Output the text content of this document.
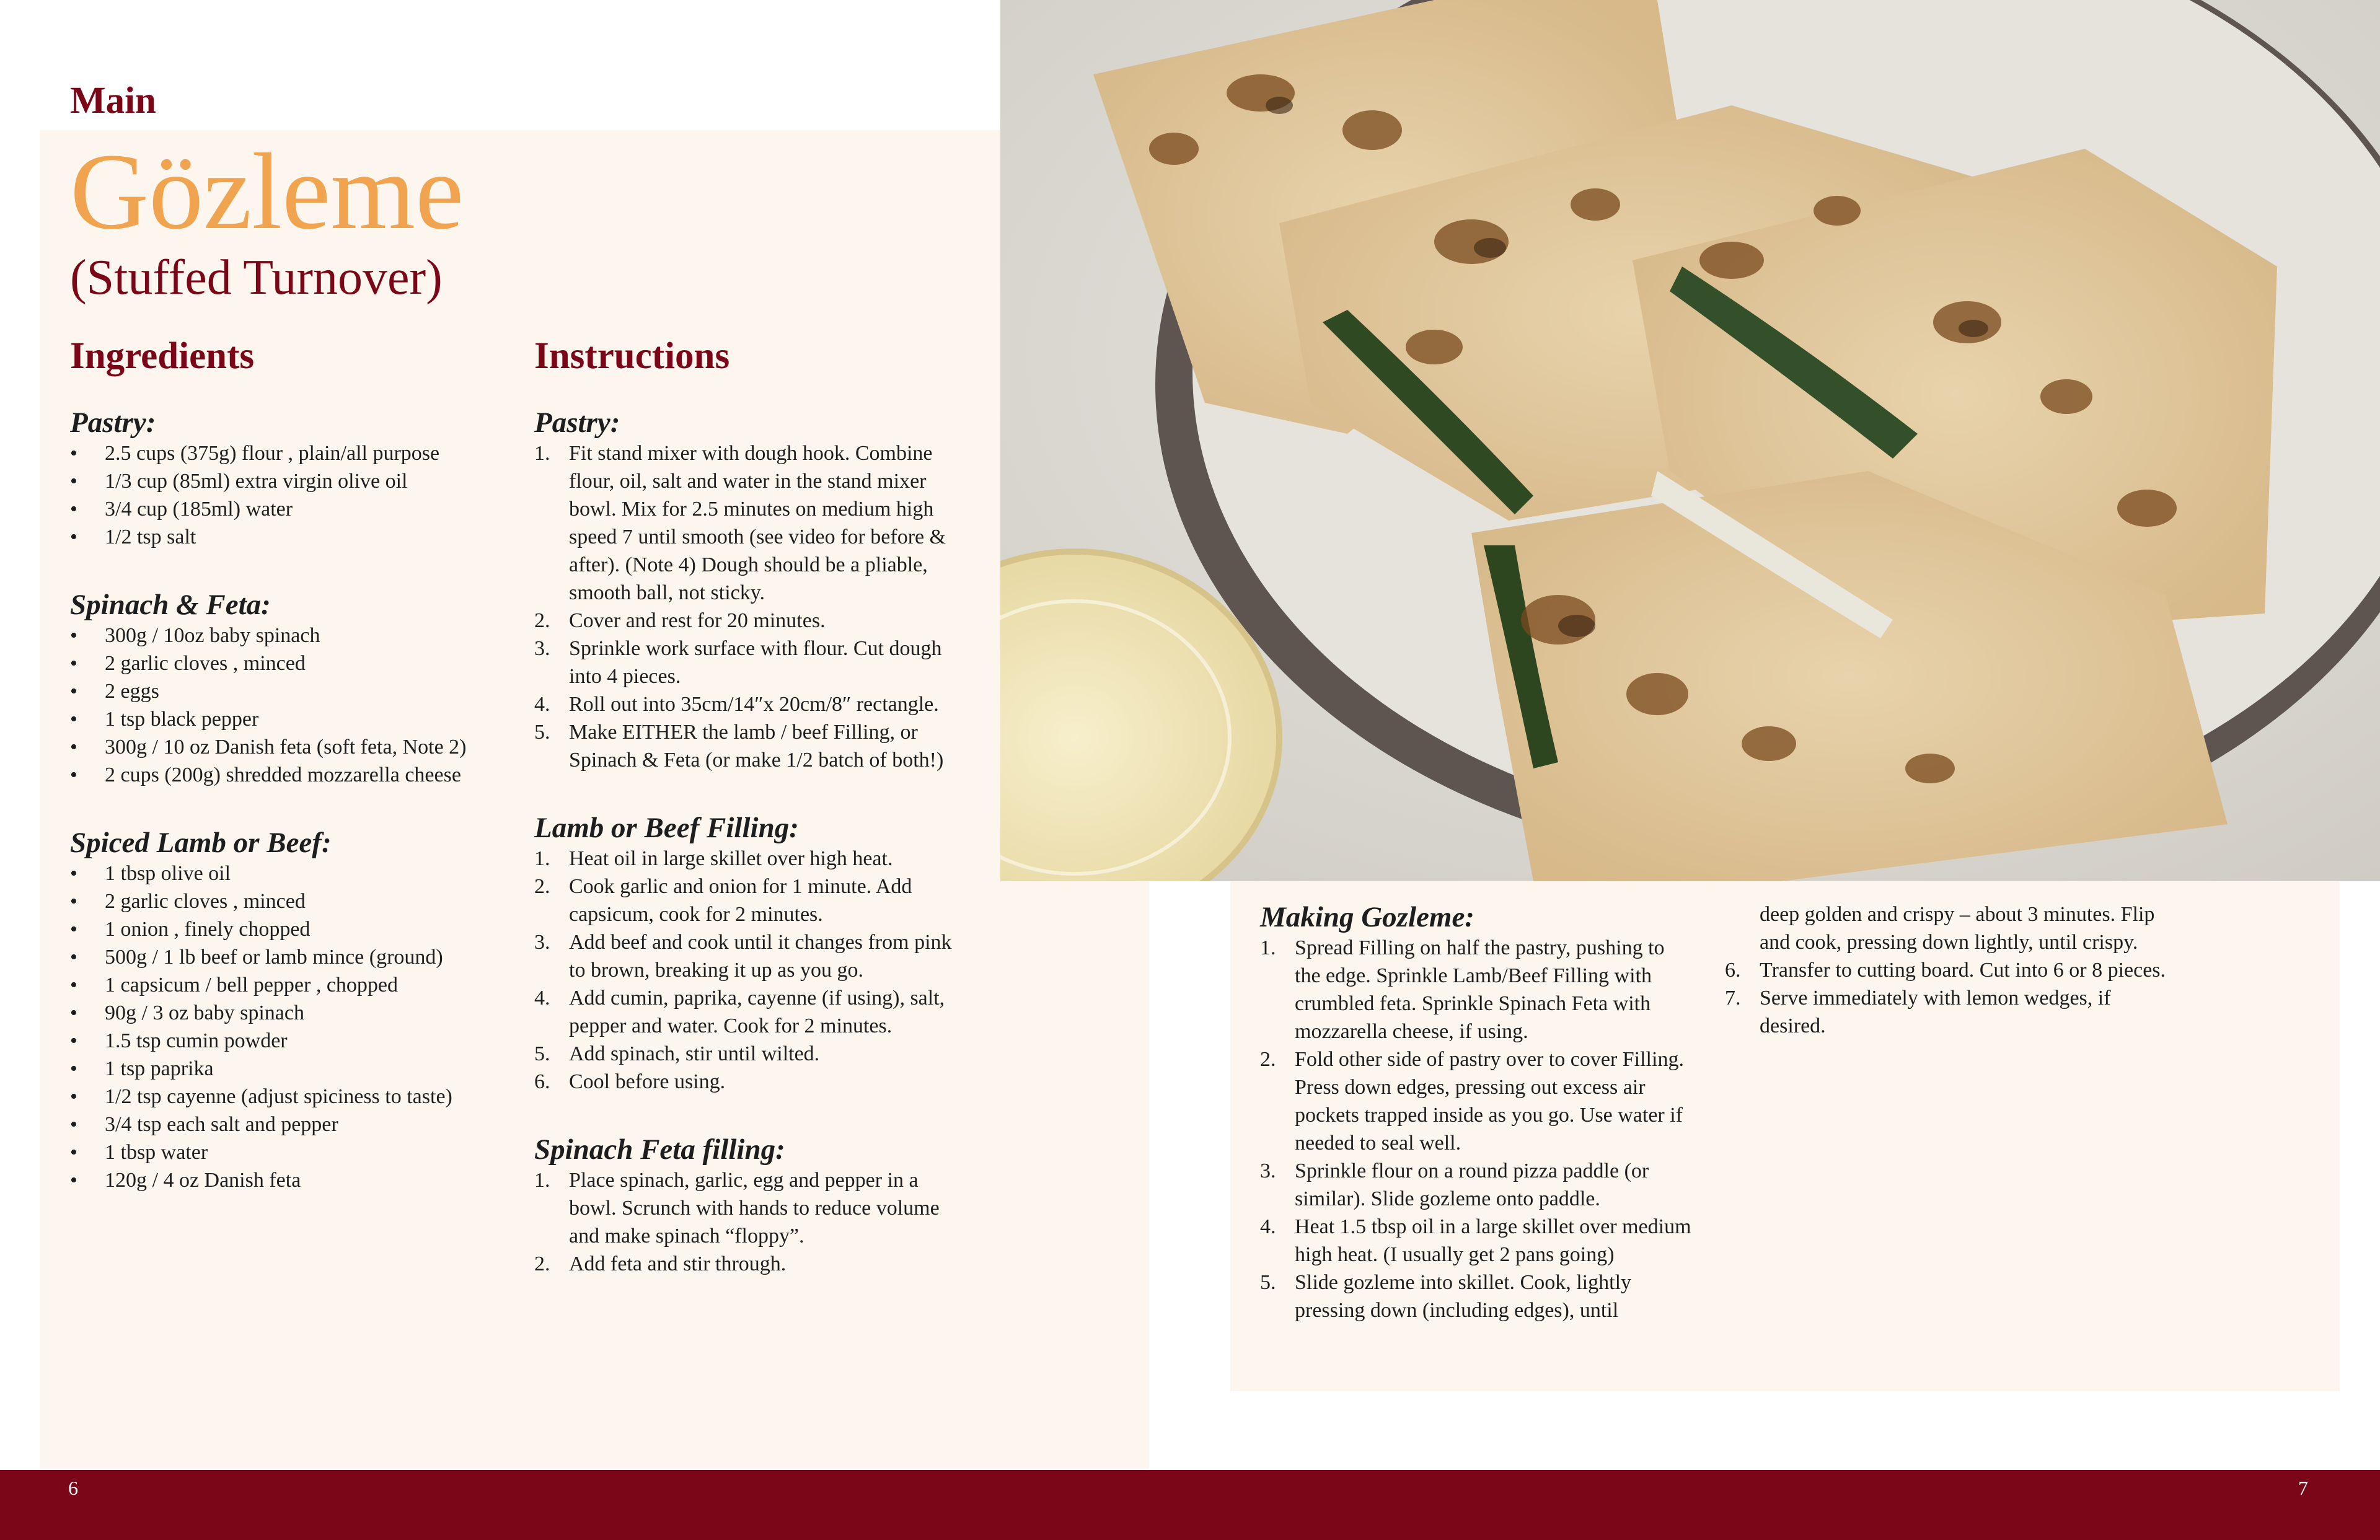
Main
Gözleme
(Stuffed Turnover)
Ingredients	Instructions
Pastry:
• 2.5 cups (375g) flour , plain/all purpose
• 1/3 cup (85ml) extra virgin olive oil
• 3/4 cup (185ml) water
• 1/2 tsp salt
Spinach & Feta:
• 300g / 10oz baby spinach
• 2 garlic cloves , minced
• 2 eggs
• 1 tsp black pepper
• 300g / 10 oz Danish feta (soft feta, Note 2)
• 2 cups (200g) shredded mozzarella cheese
Spiced Lamb or Beef:
• 1 tbsp olive oil
• 2 garlic cloves , minced
• 1 onion , finely chopped
• 500g / 1 lb beef or lamb mince (ground)
• 1 capsicum / bell pepper , chopped
• 90g / 3 oz baby spinach
• 1.5 tsp cumin powder
• 1 tsp paprika
• 1/2 tsp cayenne (adjust spiciness to taste)
• 3/4 tsp each salt and pepper
• 1 tbsp water
• 120g / 4 oz Danish feta
Pastry:
1. Fit stand mixer with dough hook. Combine flour, oil, salt and water in the stand mixer bowl. Mix for 2.5 minutes on medium high speed 7 until smooth (see video for before & after). (Note 4) Dough should be a pliable, smooth ball, not sticky.
2. Cover and rest for 20 minutes.
3. Sprinkle work surface with flour. Cut dough into 4 pieces.
4. Roll out into 35cm/14″x 20cm/8″ rectangle.
5. Make EITHER the lamb / beef Filling, or Spinach & Feta (or make 1/2 batch of both!)
Lamb or Beef Filling:
1. Heat oil in large skillet over high heat.
2. Cook garlic and onion for 1 minute. Add capsicum, cook for 2 minutes.
3. Add beef and cook until it changes from pink to brown, breaking it up as you go.
4. Add cumin, paprika, cayenne (if using), salt, pepper and water. Cook for 2 minutes.
5. Add spinach, stir until wilted.
6. Cool before using.
Spinach Feta filling:
1. Place spinach, garlic, egg and pepper in a bowl. Scrunch with hands to reduce volume and make spinach “floppy”.
2. Add feta and stir through.
Making Gozleme:
1. Spread Filling on half the pastry, pushing to the edge. Sprinkle Lamb/Beef Filling with crumbled feta. Sprinkle Spinach Feta with mozzarella cheese, if using.
2. Fold other side of pastry over to cover Filling. Press down edges, pressing out excess air pockets trapped inside as you go. Use water if needed to seal well.
3. Sprinkle flour on a round pizza paddle (or similar). Slide gozleme onto paddle.
4. Heat 1.5 tbsp oil in a large skillet over medium high heat. (I usually get 2 pans going)
5. Slide gozleme into skillet. Cook, lightly pressing down (including edges), until
deep golden and crispy – about 3 minutes. Flip and cook, pressing down lightly, until crispy.
6. Transfer to cutting board. Cut into 6 or 8 pieces.
7. Serve immediately with lemon wedges, if desired.
6	7
